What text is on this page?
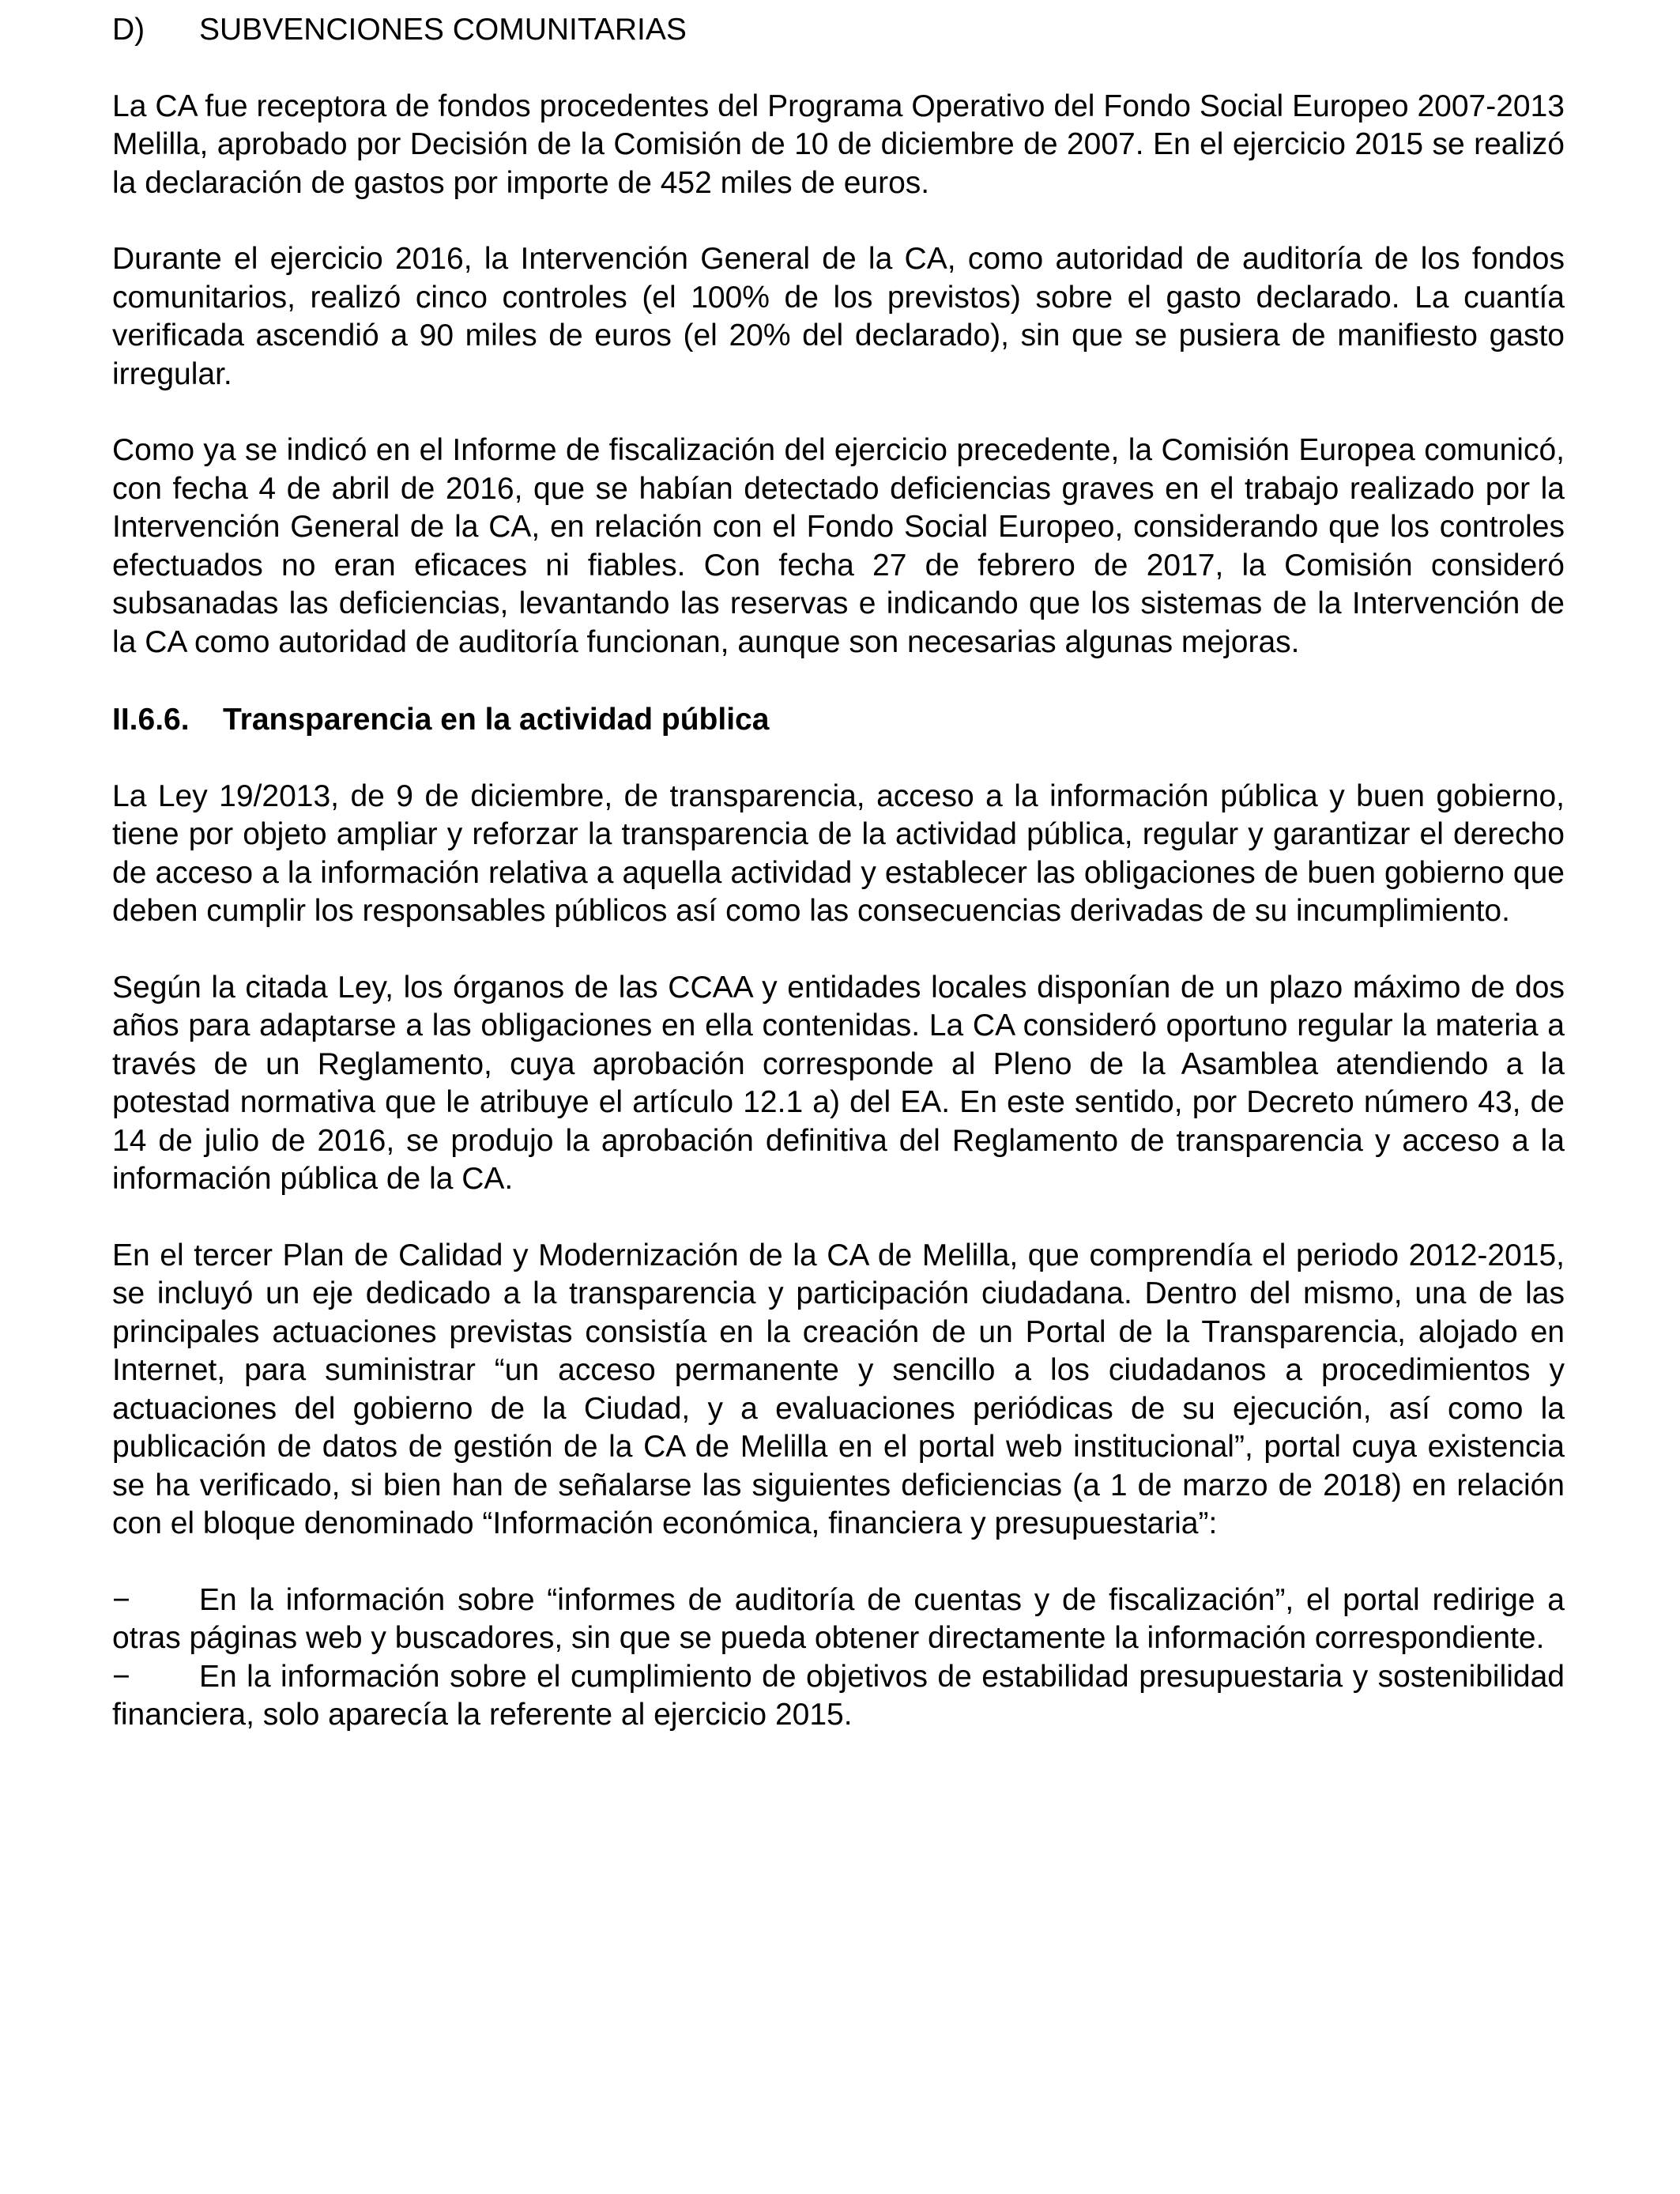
D)	SUBVENCIONES COMUNITARIAS

La CA fue receptora de fondos procedentes del Programa Operativo del Fondo Social Europeo 2007-2013 Melilla, aprobado por Decisión de la Comisión de 10 de diciembre de 2007. En el ejercicio 2015 se realizó la declaración de gastos por importe de 452 miles de euros.

Durante el ejercicio 2016, la Intervención General de la CA, como autoridad de auditoría de los fondos comunitarios, realizó cinco controles (el 100% de los previstos) sobre el gasto declarado. La cuantía verificada ascendió a 90 miles de euros (el 20% del declarado), sin que se pusiera de manifiesto gasto irregular.

Como ya se indicó en el Informe de fiscalización del ejercicio precedente, la Comisión Europea comunicó, con fecha 4 de abril de 2016, que se habían detectado deficiencias graves en el trabajo realizado por la Intervención General de la CA, en relación con el Fondo Social Europeo, considerando que los controles efectuados no eran eficaces ni fiables. Con fecha 27 de febrero de 2017, la Comisión consideró subsanadas las deficiencias, levantando las reservas e indicando que los sistemas de la Intervención de la CA como autoridad de auditoría funcionan, aunque son necesarias algunas mejoras.

II.6.6.	Transparencia en la actividad pública

La Ley 19/2013, de 9 de diciembre, de transparencia, acceso a la información pública y buen gobierno, tiene por objeto ampliar y reforzar la transparencia de la actividad pública, regular y garantizar el derecho de acceso a la información relativa a aquella actividad y establecer las obligaciones de buen gobierno que deben cumplir los responsables públicos así como las consecuencias derivadas de su incumplimiento.

Según la citada Ley, los órganos de las CCAA y entidades locales disponían de un plazo máximo de dos años para adaptarse a las obligaciones en ella contenidas. La CA consideró oportuno regular la materia a través de un Reglamento, cuya aprobación corresponde al Pleno de la Asamblea atendiendo a la potestad normativa que le atribuye el artículo 12.1 a) del EA. En este sentido, por Decreto número 43, de 14 de julio de 2016, se produjo la aprobación definitiva del Reglamento de transparencia y acceso a la información pública de la CA.

En el tercer Plan de Calidad y Modernización de la CA de Melilla, que comprendía el periodo 2012-2015, se incluyó un eje dedicado a la transparencia y participación ciudadana. Dentro del mismo, una de las principales actuaciones previstas consistía en la creación de un Portal de la Transparencia, alojado en Internet, para suministrar “un acceso permanente y sencillo a los ciudadanos a procedimientos y actuaciones del gobierno de la Ciudad, y a evaluaciones periódicas de su ejecución, así como la publicación de datos de gestión de la CA de Melilla en el portal web institucional”, portal cuya existencia se ha verificado, si bien han de señalarse las siguientes deficiencias (a 1 de marzo de 2018) en relación con el bloque denominado “Información económica, financiera y presupuestaria”:

− En la información sobre “informes de auditoría de cuentas y de fiscalización”, el portal redirige a otras páginas web y buscadores, sin que se pueda obtener directamente la información correspondiente.

− En la información sobre el cumplimiento de objetivos de estabilidad presupuestaria y sostenibilidad financiera, solo aparecía la referente al ejercicio 2015.
